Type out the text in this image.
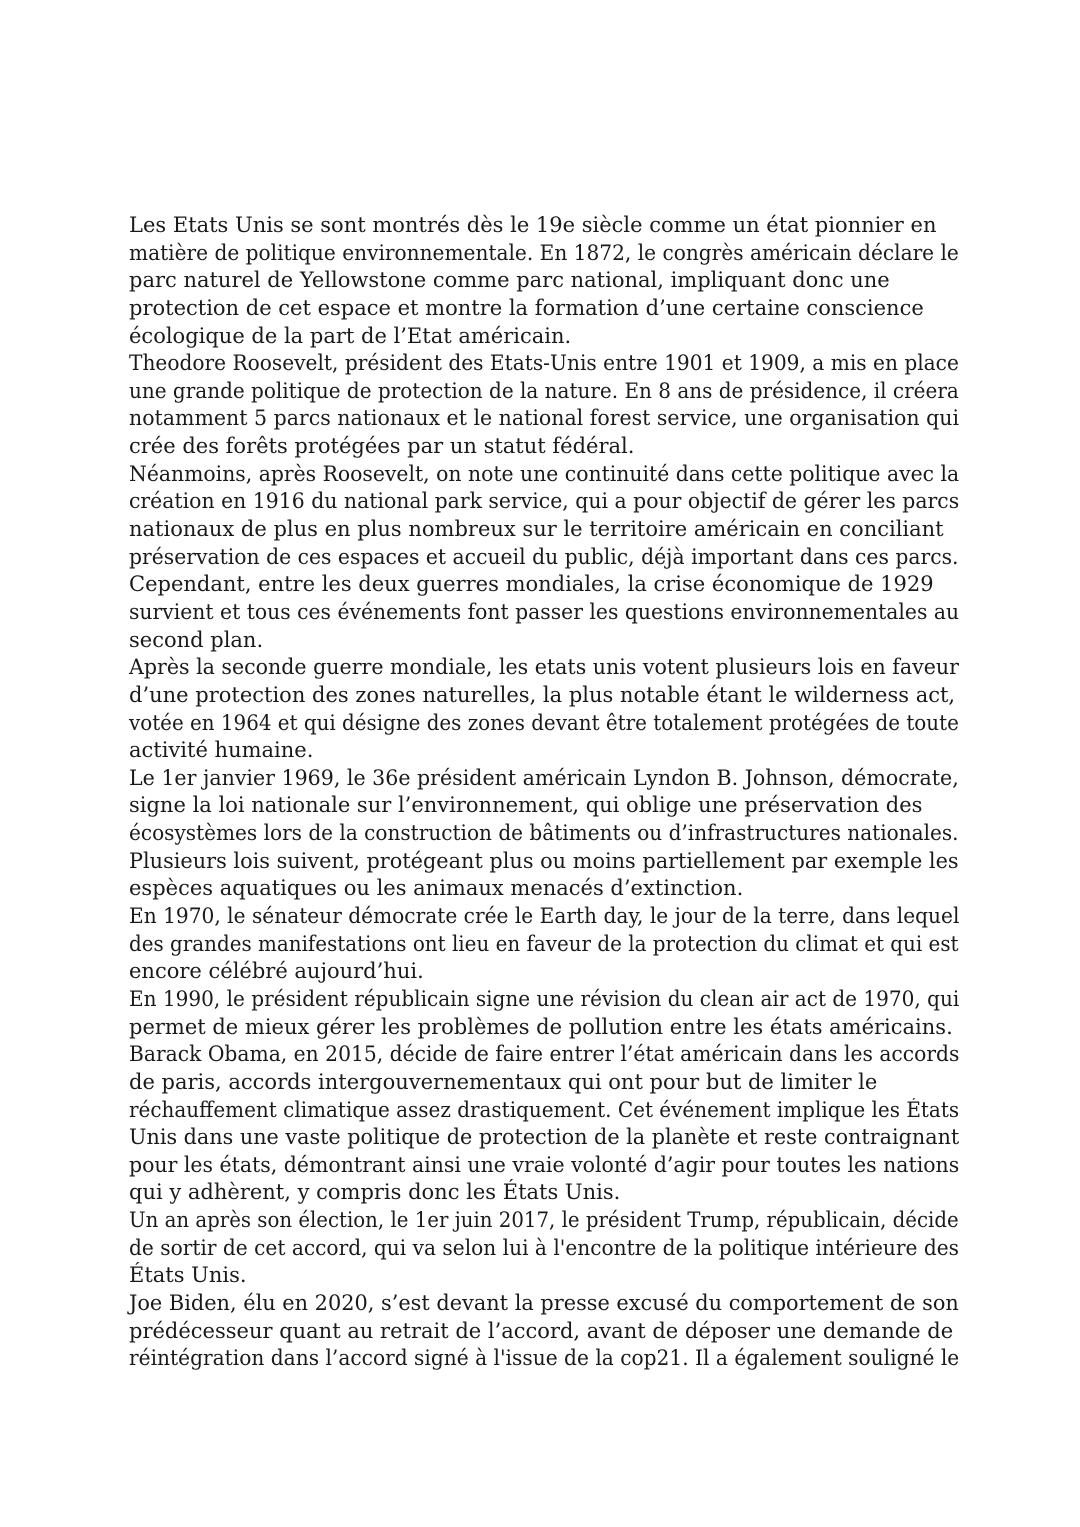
Les Etats Unis se sont montrés dès le 19e siècle comme un état pionnier en
matière de politique environnementale. En 1872, le congrès américain déclare le
parc naturel de Yellowstone comme parc national, impliquant donc une
protection de cet espace et montre la formation d’une certaine conscience
écologique de la part de l’Etat américain.
Theodore Roosevelt, président des Etats-Unis entre 1901 et 1909, a mis en place
une grande politique de protection de la nature. En 8 ans de présidence, il créera
notamment 5 parcs nationaux et le national forest service, une organisation qui
crée des forêts protégées par un statut fédéral.
Néanmoins, après Roosevelt, on note une continuité dans cette politique avec la
création en 1916 du national park service, qui a pour objectif de gérer les parcs
nationaux de plus en plus nombreux sur le territoire américain en conciliant
préservation de ces espaces et accueil du public, déjà important dans ces parcs.
Cependant, entre les deux guerres mondiales, la crise économique de 1929
survient et tous ces événements font passer les questions environnementales au
second plan.
Après la seconde guerre mondiale, les etats unis votent plusieurs lois en faveur
d’une protection des zones naturelles, la plus notable étant le wilderness act,
votée en 1964 et qui désigne des zones devant être totalement protégées de toute
activité humaine.
Le 1er janvier 1969, le 36e président américain Lyndon B. Johnson, démocrate,
signe la loi nationale sur l’environnement, qui oblige une préservation des
écosystèmes lors de la construction de bâtiments ou d’infrastructures nationales.
Plusieurs lois suivent, protégeant plus ou moins partiellement par exemple les
espèces aquatiques ou les animaux menacés d’extinction.
En 1970, le sénateur démocrate crée le Earth day, le jour de la terre, dans lequel
des grandes manifestations ont lieu en faveur de la protection du climat et qui est
encore célébré aujourd’hui.
En 1990, le président républicain signe une révision du clean air act de 1970, qui
permet de mieux gérer les problèmes de pollution entre les états américains.
Barack Obama, en 2015, décide de faire entrer l’état américain dans les accords
de paris, accords intergouvernementaux qui ont pour but de limiter le
réchauffement climatique assez drastiquement. Cet événement implique les États
Unis dans une vaste politique de protection de la planète et reste contraignant
pour les états, démontrant ainsi une vraie volonté d’agir pour toutes les nations
qui y adhèrent, y compris donc les États Unis.
Un an après son élection, le 1er juin 2017, le président Trump, républicain, décide
de sortir de cet accord, qui va selon lui à l'encontre de la politique intérieure des
États Unis.
Joe Biden, élu en 2020, s’est devant la presse excusé du comportement de son
prédécesseur quant au retrait de l’accord, avant de déposer une demande de
réintégration dans l’accord signé à l'issue de la cop21. Il a également souligné le
